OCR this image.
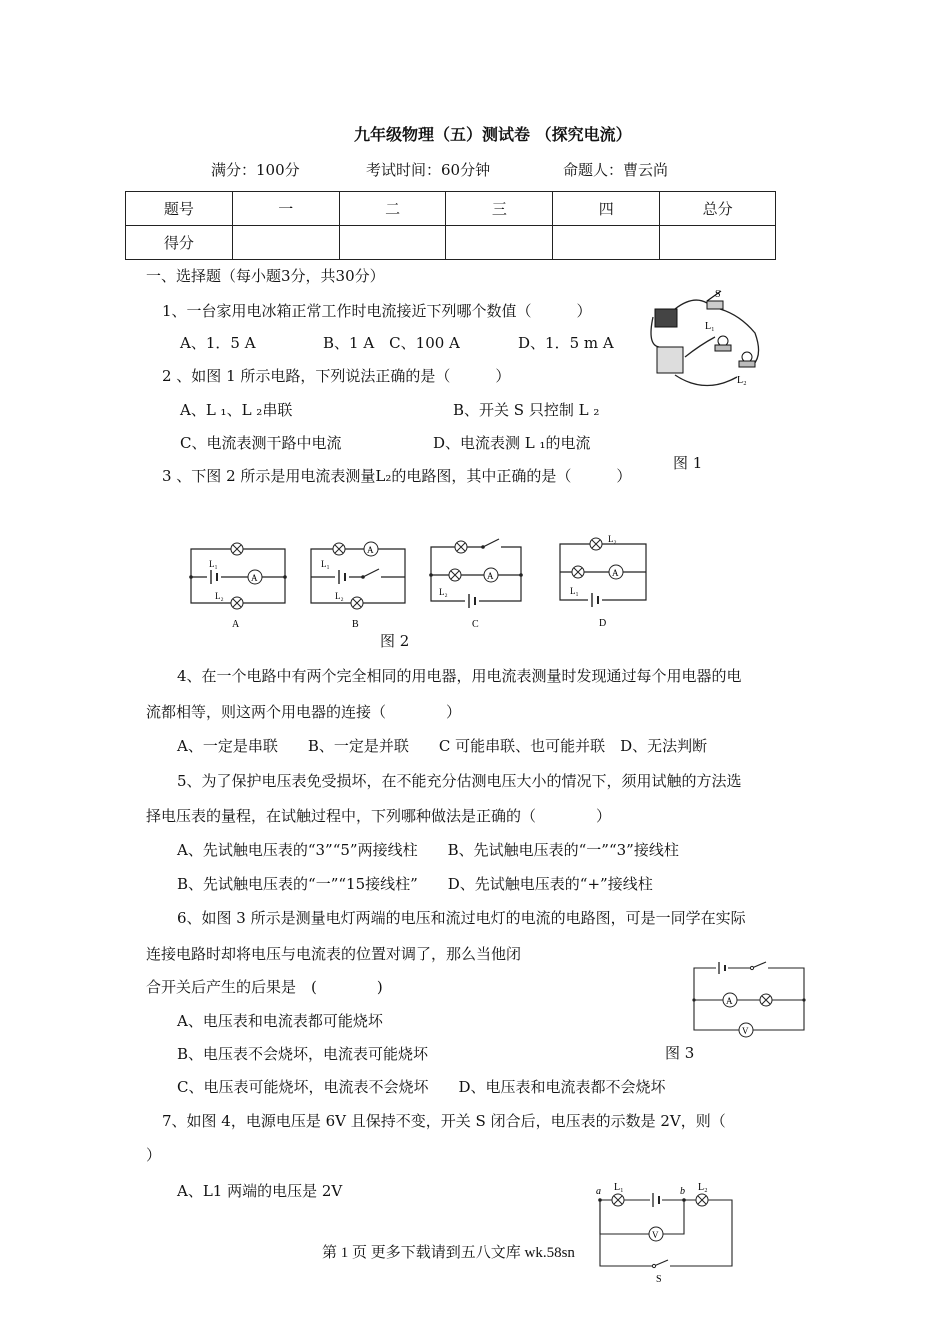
九年级物理（五）测试卷 （探究电流）
满分：100分	考试时间：60分钟	命题人：曹云尚
题号	一	二	三	四	总分
得分					
一、选择题（每小题3分，共30分）
1、一台家用电冰箱正常工作时电流接近下列哪个数值（　　　）
A、1．5 A	B、1 A　C、100 A	D、1．5 m A
2 、如图 1 所示电路，下列说法正确的是（　　　）
A、L ₁、L ₂串联	B、开关 S 只控制 L ₂
C、电流表测干路中电流	D、电流表测 L ₁的电流
3 、下图 2 所示是用电流表测量L₂的电路图，其中正确的是（　　　）
图 1
S
L₁
L₂
A
L₁
L₂
A
A
L₁
L₂
B
A
L₂
C
A
L₂
L₁
D
图 2
4、在一个电路中有两个完全相同的用电器，用电流表测量时发现通过每个用电器的电
流都相等，则这两个用电器的连接（　　　　）
A、一定是串联　　B、一定是并联　　C 可能串联、也可能并联　D、无法判断
5、为了保护电压表免受损坏，在不能充分估测电压大小的情况下，须用试触的方法选
择电压表的量程，在试触过程中，下列哪种做法是正确的（　　　　）
A、先试触电压表的“3”“5”两接线柱　　B、先试触电压表的“一”“3”接线柱
B、先试触电压表的“一”“15接线柱”　　D、先试触电压表的“+”接线柱
6、如图 3 所示是测量电灯两端的电压和流过电灯的电流的电路图，可是一同学在实际
连接电路时却将电压与电流表的位置对调了，那么当他闭
合开关后产生的后果是　(　　　　)
A、电压表和电流表都可能烧坏
B、电压表不会烧坏，电流表可能烧坏
C、电压表可能烧坏，电流表不会烧坏　　D、电压表和电流表都不会烧坏
A
V
图 3
7、如图 4，电源电压是 6V 且保持不变，开关 S 闭合后，电压表的示数是 2V，则（
）
A、L1 两端的电压是 2V
V
a	b
L₁	L₂
S
第 1 页 更多下载请到五八文库 wk.58sn
